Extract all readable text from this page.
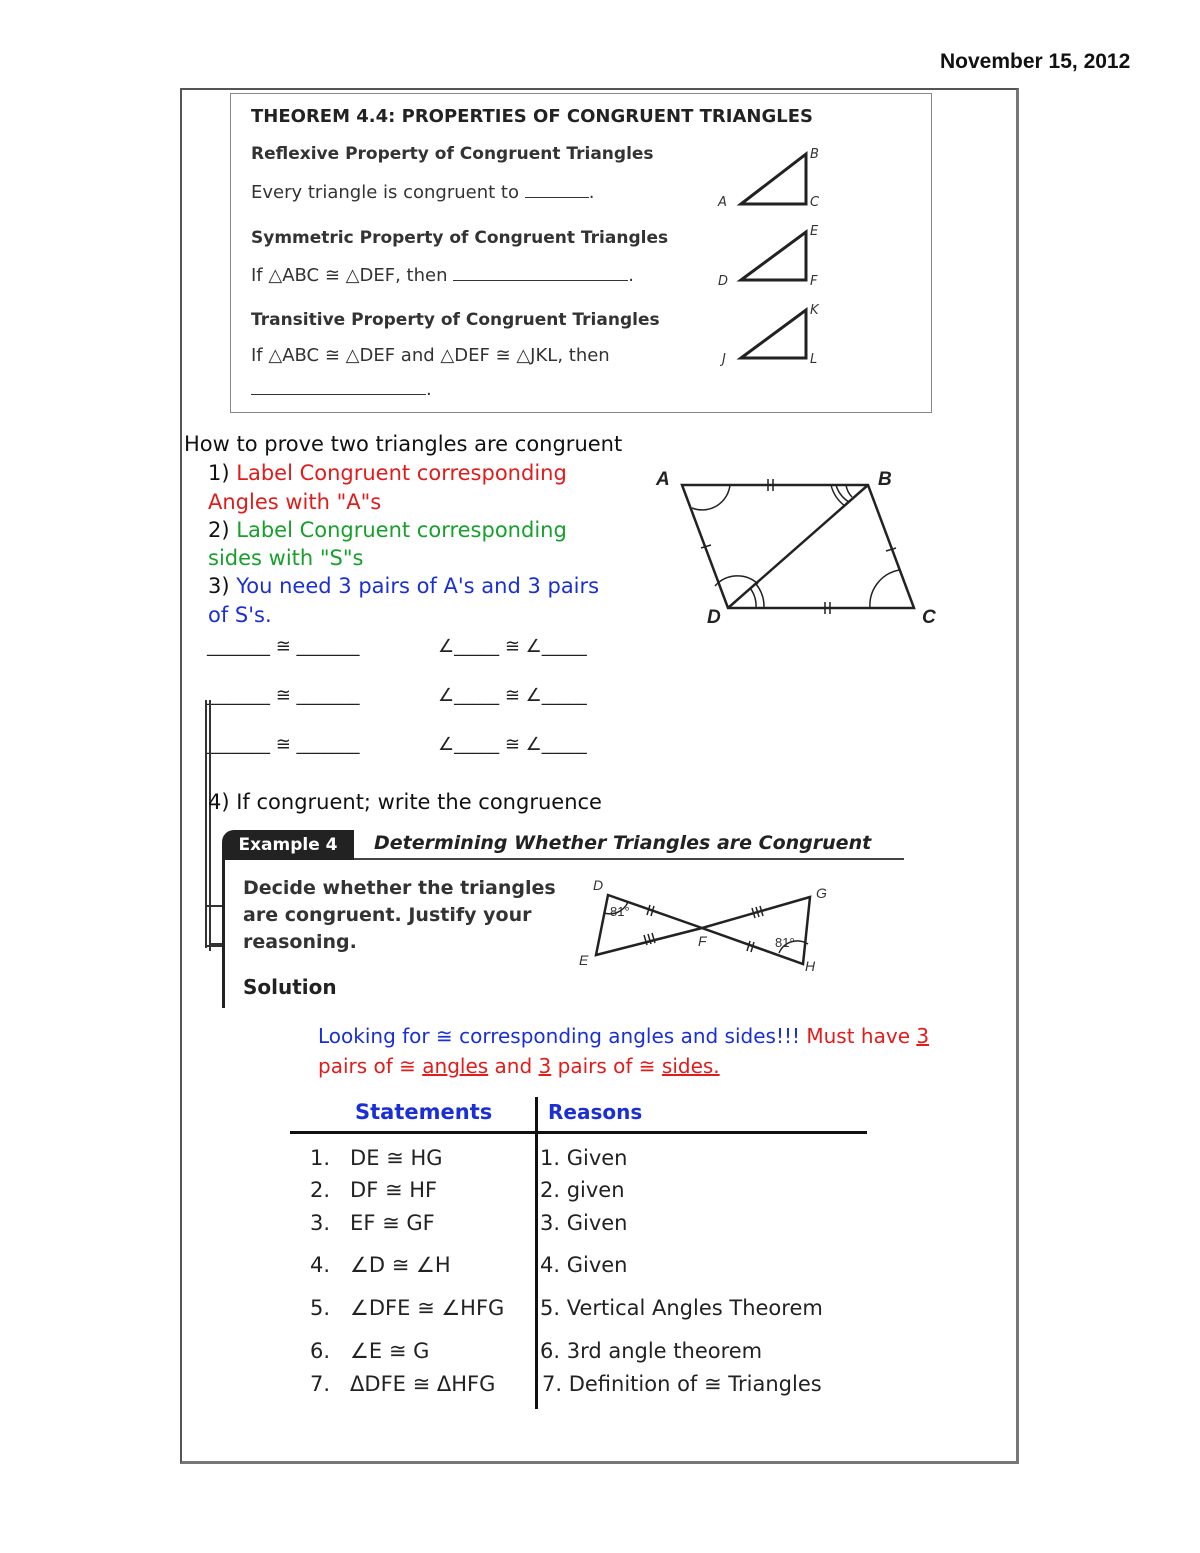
November 15, 2012
THEOREM 4.4: PROPERTIES OF CONGRUENT TRIANGLES
Reflexive Property of Congruent Triangles
Every triangle is congruent to	.
Symmetric Property of Congruent Triangles
If △ABC ≅ △DEF, then	.
Transitive Property of Congruent Triangles
If △ABC ≅ △DEF and △DEF ≅ △JKL, then
.
A
B
C
D
E
F
J
K
L
How to prove two triangles are congruent
1) Label Congruent corresponding
Angles with "A"s
2) Label Congruent corresponding
sides with "S"s
3) You need 3 pairs of A's and 3 pairs
of S's.
_______ ≅ _______	∠_____ ≅ ∠_____
_______ ≅ _______	∠_____ ≅ ∠_____
_______ ≅ _______	∠_____ ≅ ∠_____
4) If congruent; write the congruence
A	B
C
D
Example 4	Determining Whether Triangles are Congruent
Decide whether the triangles
are congruent. Justify your
reasoning.
Solution
D
E
F
G
H
81°
81°
Looking for ≅ corresponding angles and sides!!! Must have 3
pairs of ≅ angles and 3 pairs of ≅ sides.
Statements	Reasons
1.   DE ≅ HG	1. Given
2.   DF ≅ HF	2. given
3.   EF ≅ GF	3. Given
4.   ∠D ≅ ∠H	4. Given
5.   ∠DFE ≅ ∠HFG 5. Vertical Angles Theorem
6.   ∠E ≅ G	6. 3rd angle theorem
7.   ΔDFE ≅ ΔHFG 7. Definition of ≅ Triangles
